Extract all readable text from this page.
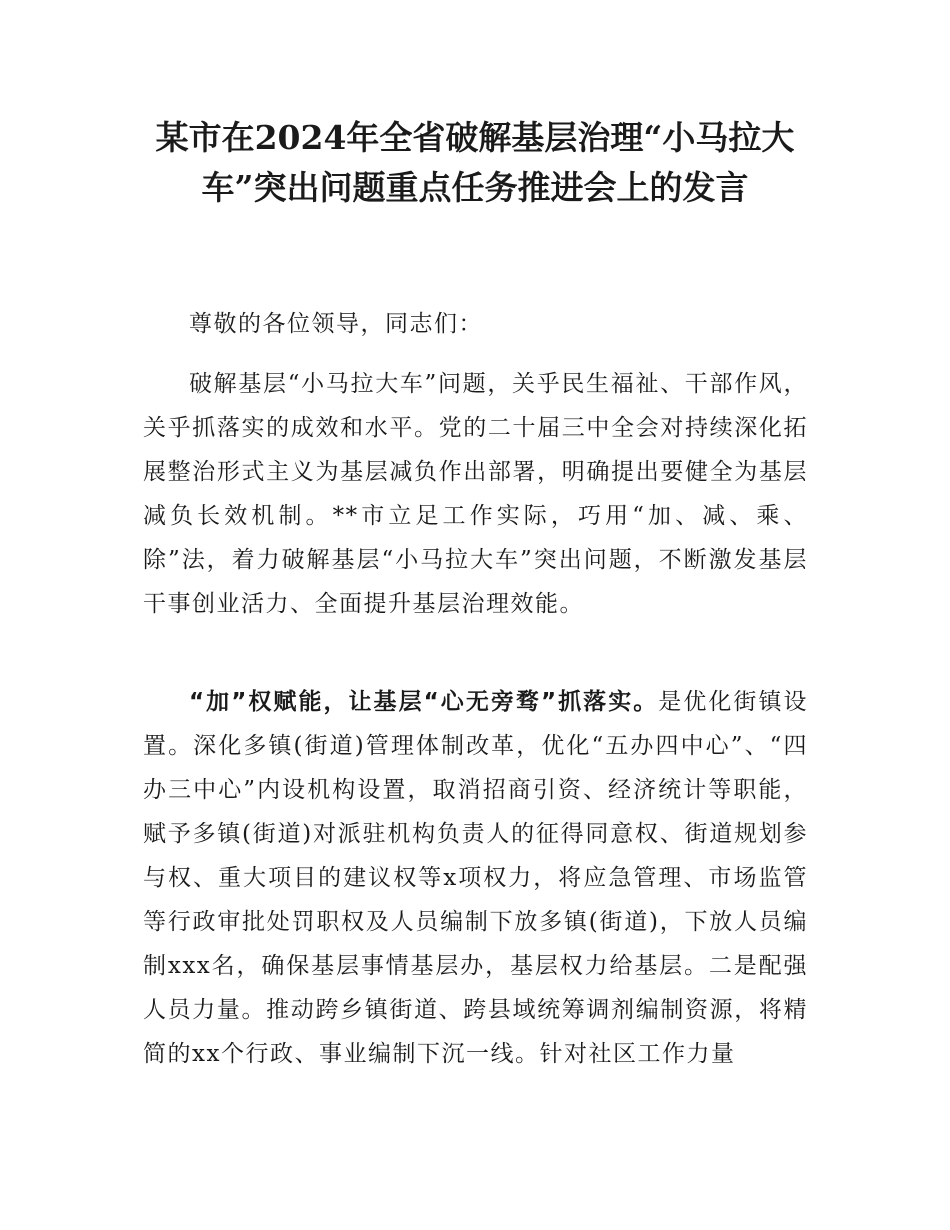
某市在2024年全省破解基层治理“小马拉大
车”突出问题重点任务推进会上的发言

尊敬的各位领导，同志们：

破解基层“小马拉大车”问题，关乎民生福祉、干部作风，关乎抓落实的成效和水平。党的二十届三中全会对持续深化拓展整治形式主义为基层减负作出部署，明确提出要健全为基层减负长效机制。**市立足工作实际，巧用“加、减、乘、除”法，着力破解基层“小马拉大车”突出问题，不断激发基层干事创业活力、全面提升基层治理效能。

“加”权赋能，让基层“心无旁骛”抓落实。是优化街镇设置。深化多镇(街道)管理体制改革，优化“五办四中心”、“四办三中心”内设机构设置，取消招商引资、经济统计等职能，赋予多镇(街道)对派驻机构负责人的征得同意权、街道规划参与权、重大项目的建议权等x项权力，将应急管理、市场监管等行政审批处罚职权及人员编制下放多镇(街道)，下放人员编制xxx名，确保基层事情基层办，基层权力给基层。二是配强人员力量。推动跨乡镇街道、跨县域统筹调剂编制资源，将精简的xx个行政、事业编制下沉一线。针对社区工作力量
